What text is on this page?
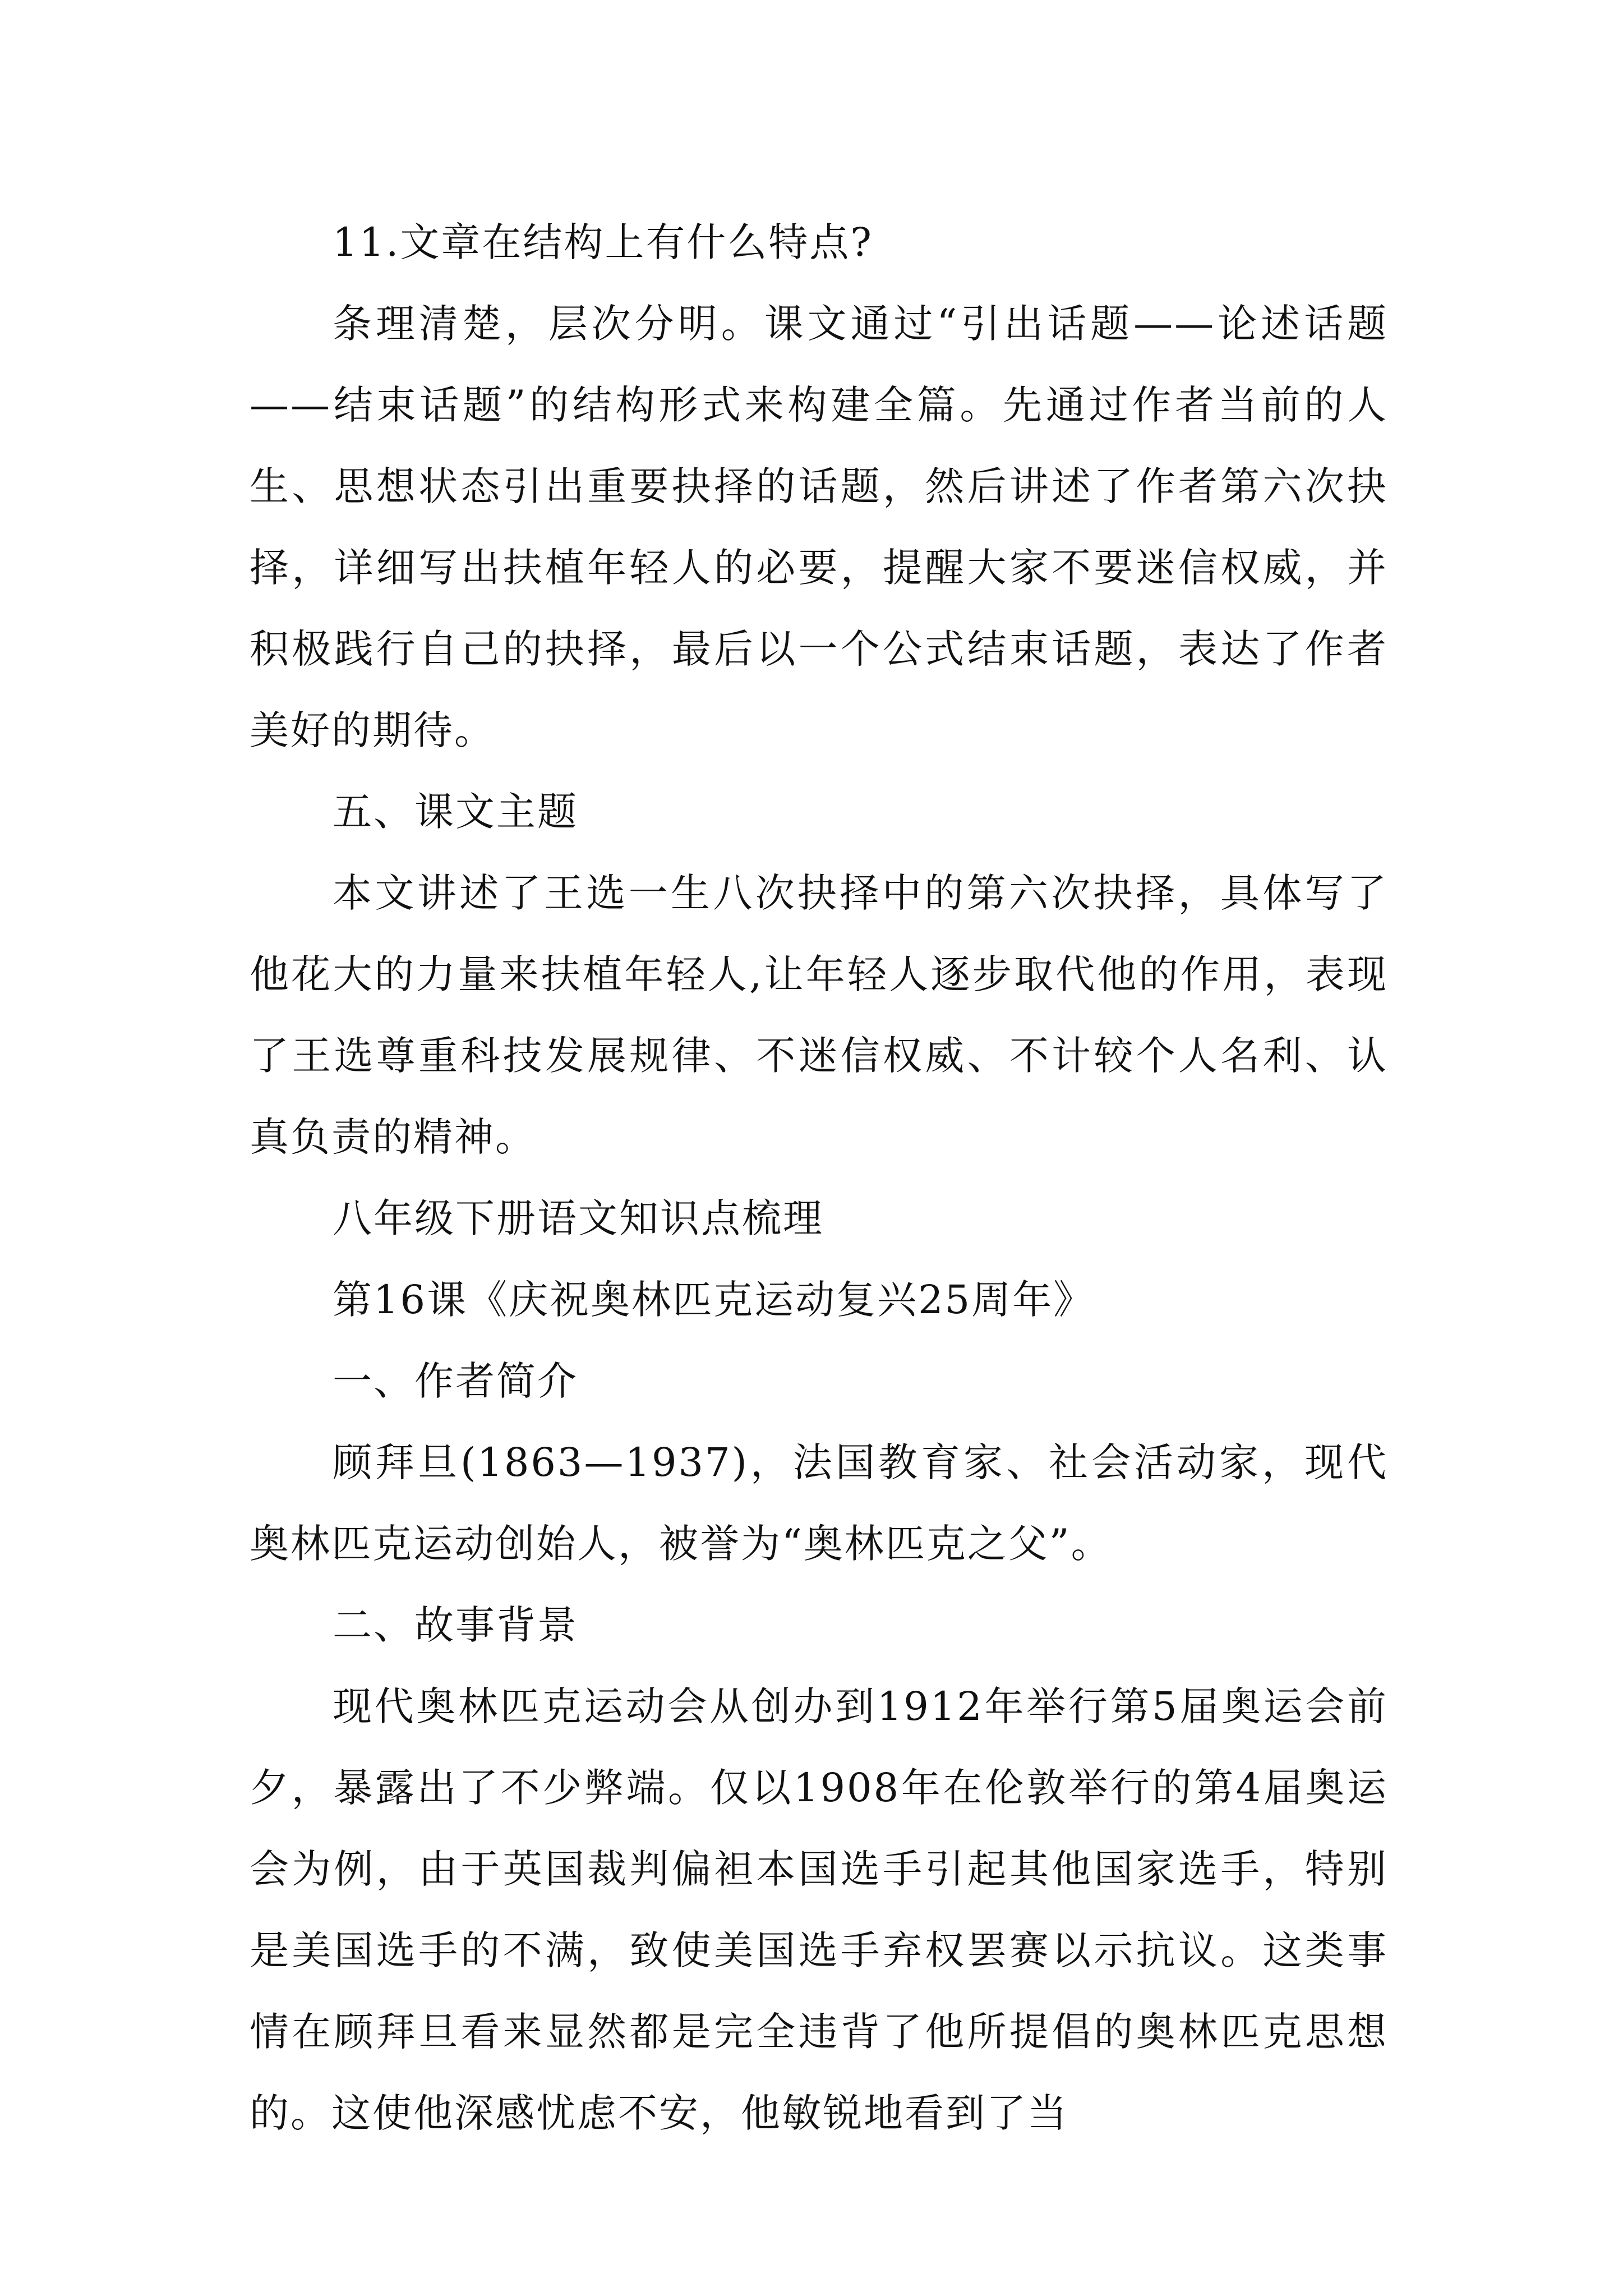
11.文章在结构上有什么特点?

条理清楚，层次分明。课文通过“引出话题——论述话题——结束话题”的结构形式来构建全篇。先通过作者当前的人生、思想状态引出重要抉择的话题，然后讲述了作者第六次抉择，详细写出扶植年轻人的必要，提醒大家不要迷信权威，并积极践行自己的抉择，最后以一个公式结束话题，表达了作者美好的期待。

五、课文主题

本文讲述了王选一生八次抉择中的第六次抉择，具体写了他花大的力量来扶植年轻人,让年轻人逐步取代他的作用，表现了王选尊重科技发展规律、不迷信权威、不计较个人名利、认真负责的精神。

八年级下册语文知识点梳理

第16课《庆祝奥林匹克运动复兴25周年》

一、作者简介

顾拜旦(1863—1937)，法国教育家、社会活动家，现代奥林匹克运动创始人，被誉为“奥林匹克之父”。

二、故事背景

现代奥林匹克运动会从创办到1912年举行第5届奥运会前夕，暴露出了不少弊端。仅以1908年在伦敦举行的第4届奥运会为例，由于英国裁判偏袒本国选手引起其他国家选手，特别是美国选手的不满，致使美国选手弃权罢赛以示抗议。这类事情在顾拜旦看来显然都是完全违背了他所提倡的奥林匹克思想的。这使他深感忧虑不安，他敏锐地看到了当
